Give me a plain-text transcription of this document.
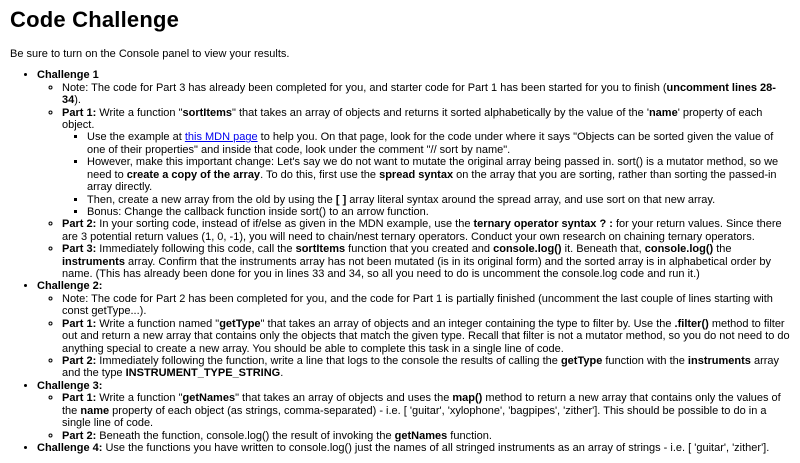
Code Challenge

Be sure to turn on the Console panel to view your results.

• Challenge 1
◦ Note: The code for Part 3 has already been completed for you, and starter code for Part 1 has been started for you to finish (uncomment lines 28-34).
◦ Part 1: Write a function "sortItems" that takes an array of objects and returns it sorted alphabetically by the value of the 'name' property of each object.
▪ Use the example at this MDN page to help you. On that page, look for the code under where it says "Objects can be sorted given the value of one of their properties" and inside that code, look under the comment "// sort by name".
▪ However, make this important change: Let's say we do not want to mutate the original array being passed in. sort() is a mutator method, so we need to create a copy of the array. To do this, first use the spread syntax on the array that you are sorting, rather than sorting the passed-in array directly.
▪ Then, create a new array from the old by using the [ ] array literal syntax around the spread array, and use sort on that new array.
▪ Bonus: Change the callback function inside sort() to an arrow function.
◦ Part 2: In your sorting code, instead of if/else as given in the MDN example, use the ternary operator syntax ? : for your return values. Since there are 3 potential return values (1, 0, -1), you will need to chain/nest ternary operators. Conduct your own research on chaining ternary operators.
◦ Part 3: Immediately following this code, call the sortItems function that you created and console.log() it. Beneath that, console.log() the instruments array. Confirm that the instruments array has not been mutated (is in its original form) and the sorted array is in alphabetical order by name. (This has already been done for you in lines 33 and 34, so all you need to do is uncomment the console.log code and run it.)
• Challenge 2:
◦ Note: The code for Part 2 has been completed for you, and the code for Part 1 is partially finished (uncomment the last couple of lines starting with const getType...).
◦ Part 1: Write a function named "getType" that takes an array of objects and an integer containing the type to filter by. Use the .filter() method to filter out and return a new array that contains only the objects that match the given type. Recall that filter is not a mutator method, so you do not need to do anything special to create a new array. You should be able to complete this task in a single line of code.
◦ Part 2: Immediately following the function, write a line that logs to the console the results of calling the getType function with the instruments array and the type INSTRUMENT_TYPE_STRING.
• Challenge 3:
◦ Part 1: Write a function "getNames" that takes an array of objects and uses the map() method to return a new array that contains only the values of the name property of each object (as strings, comma-separated) - i.e. [ 'guitar', 'xylophone', 'bagpipes', 'zither']. This should be possible to do in a single line of code.
◦ Part 2: Beneath the function, console.log() the result of invoking the getNames function.
• Challenge 4: Use the functions you have written to console.log() just the names of all stringed instruments as an array of strings - i.e. [ 'guitar', 'zither'].
